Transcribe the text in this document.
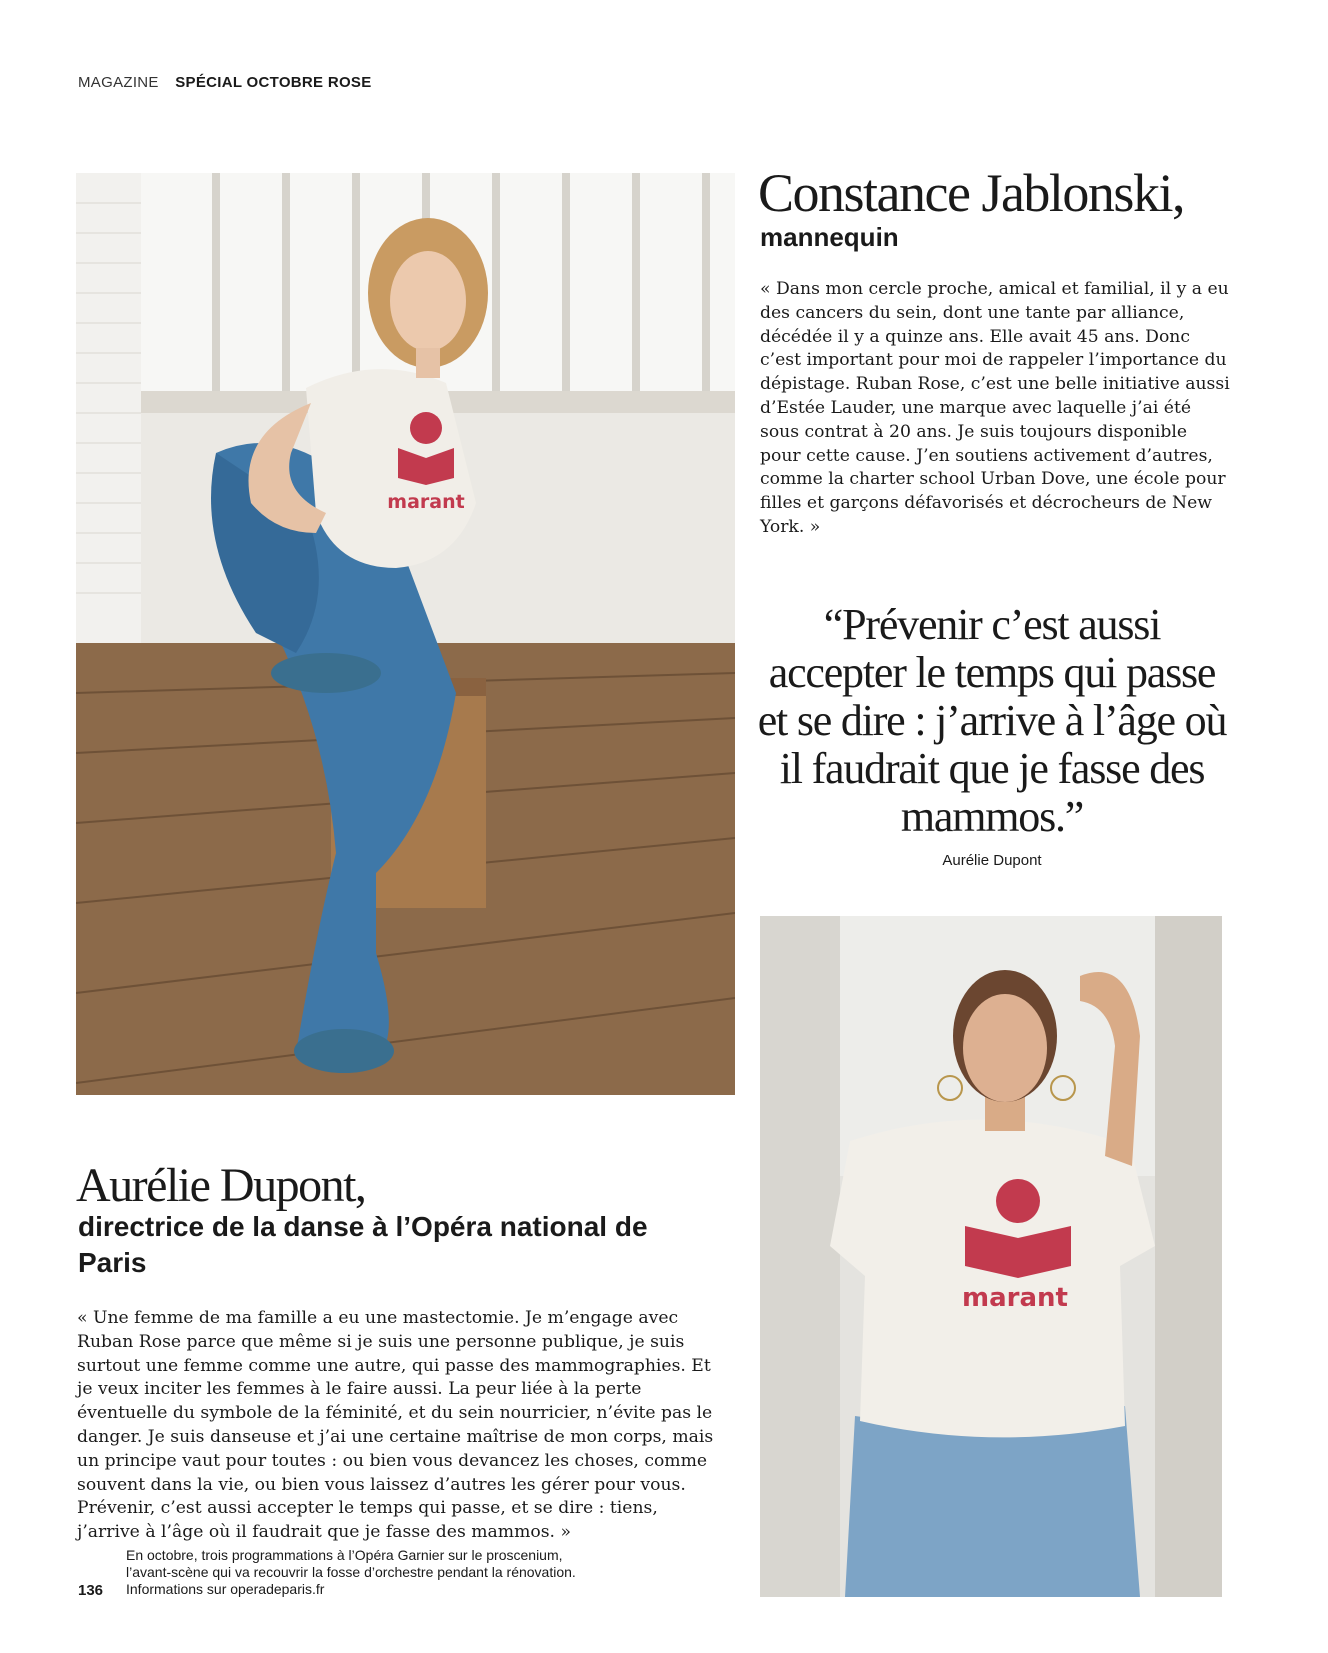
MAGAZINE SPÉCIAL OCTOBRE ROSE
marant
Constance Jablonski,
mannequin

« Dans mon cercle proche, amical et familial, il y a eu des cancers du sein, dont une tante par alliance, décédée il y a quinze ans. Elle avait 45 ans. Donc c’est important pour moi de rappeler l’importance du dépistage. Ruban Rose, c’est une belle initiative aussi d’Estée Lauder, une marque avec laquelle j’ai été sous contrat à 20 ans. Je suis toujours disponible pour cette cause. J’en soutiens activement d’autres, comme la charter school Urban Dove, une école pour filles et garçons défavorisés et décrocheurs de New York. »

“Prévenir c’est aussi accepter le temps qui passe et se dire : j’arrive à l’âge où il faudrait que je fasse des mammos.”
Aurélie Dupont
marant
Aurélie Dupont,
directrice de la danse à l’Opéra national de Paris

« Une femme de ma famille a eu une mastectomie. Je m’engage avec Ruban Rose parce que même si je suis une personne publique, je suis surtout une femme comme une autre, qui passe des mammographies. Et je veux inciter les femmes à le faire aussi. La peur liée à la perte éventuelle du symbole de la féminité, et du sein nourricier, n’évite pas le danger. Je suis danseuse et j’ai une certaine maîtrise de mon corps, mais un principe vaut pour toutes : ou bien vous devancez les choses, comme souvent dans la vie, ou bien vous laissez d’autres les gérer pour vous. Prévenir, c’est aussi accepter le temps qui passe, et se dire : tiens, j’arrive à l’âge où il faudrait que je fasse des mammos. »

En octobre, trois programmations à l’Opéra Garnier sur le proscenium,
l’avant-scène qui va recouvrir la fosse d’orchestre pendant la rénovation.
Informations sur operadeparis.fr
136
